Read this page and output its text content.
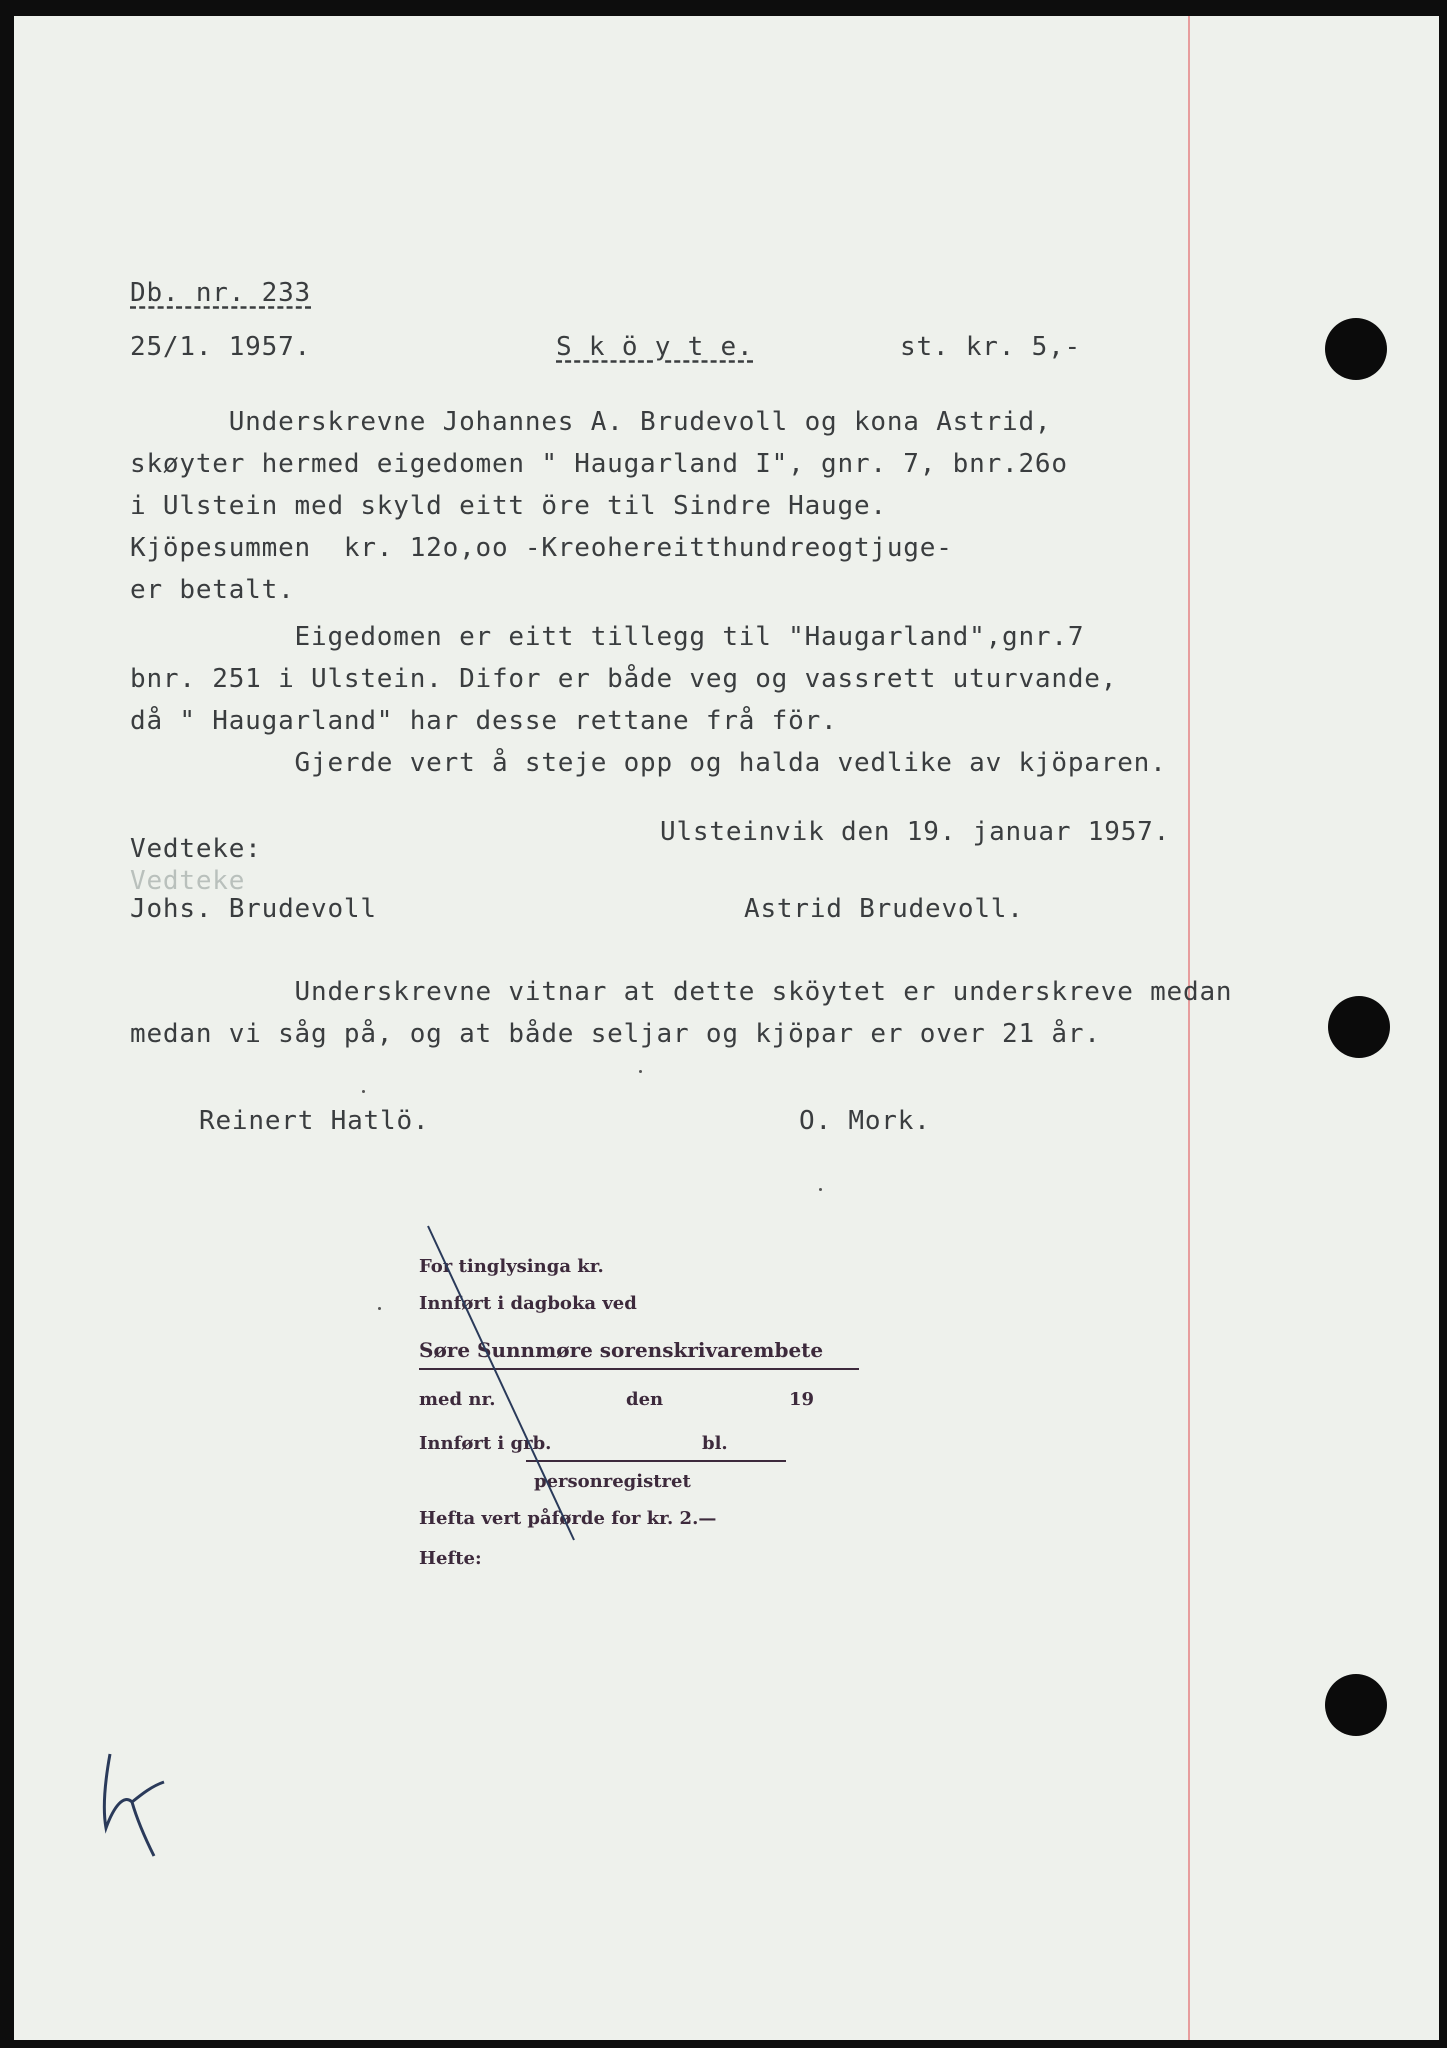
Db. nr. 233
25/1. 1957.	S k ö y t e.	st. kr. 5,-
Underskrevne Johannes A. Brudevoll og kona Astrid,
skøyter hermed eigedomen " Haugarland I", gnr. 7, bnr.26o
i Ulstein med skyld eitt öre til Sindre Hauge.
Kjöpesummen  kr. 12o,oo -Kreohereitthundreogtjuge-
er betalt.
Eigedomen er eitt tillegg til "Haugarland",gnr.7
bnr. 251 i Ulstein. Difor er både veg og vassrett uturvande,
då " Haugarland" har desse rettane frå för.
Gjerde vert å steje opp og halda vedlike av kjöparen.
Ulsteinvik den 19. januar 1957.
Vedteke:
Vedteke
Johs. Brudevoll	Astrid Brudevoll.
Underskrevne vitnar at dette sköytet er underskreve medan
medan vi såg på, og at både seljar og kjöpar er over 21 år.
Reinert Hatlö.	O. Mork.
For tinglysinga kr.
Innført i dagboka ved
Søre Sunnmøre sorenskrivarembete
med nr.	den	19
Innført i grb.	bl.
personregistret
Hefta vert påførde for kr. 2.—
Hefte:
